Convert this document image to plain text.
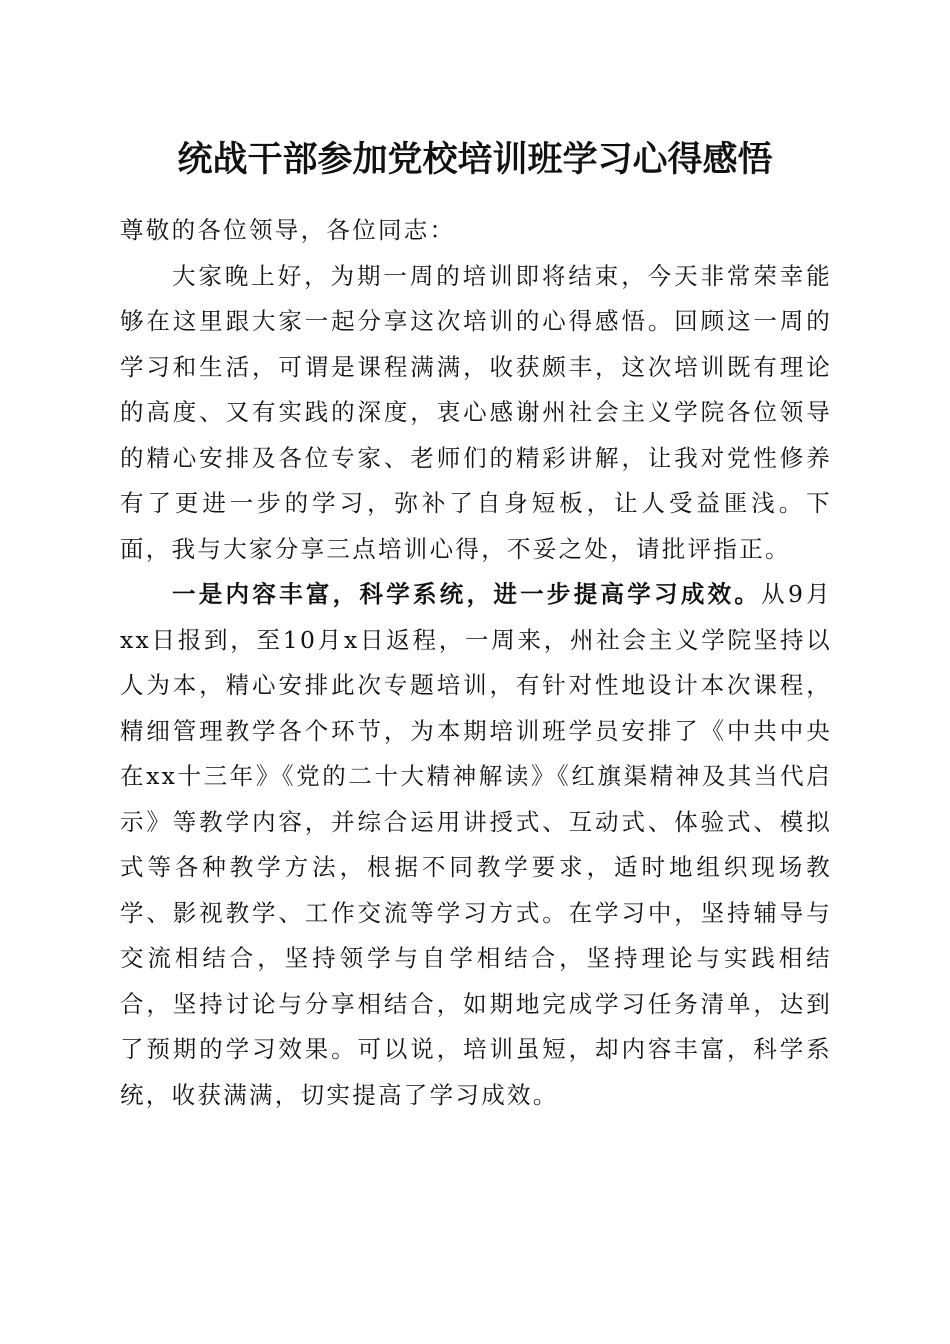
统战干部参加党校培训班学习心得感悟

尊敬的各位领导，各位同志：

大家晚上好，为期一周的培训即将结束，今天非常荣幸能够在这里跟大家一起分享这次培训的心得感悟。回顾这一周的学习和生活，可谓是课程满满，收获颇丰，这次培训既有理论的高度、又有实践的深度，衷心感谢州社会主义学院各位领导的精心安排及各位专家、老师们的精彩讲解，让我对党性修养有了更进一步的学习，弥补了自身短板，让人受益匪浅。下面，我与大家分享三点培训心得，不妥之处，请批评指正。

一是内容丰富，科学系统，进一步提高学习成效。从9月xx日报到，至10月x日返程，一周来，州社会主义学院坚持以人为本，精心安排此次专题培训，有针对性地设计本次课程，精细管理教学各个环节，为本期培训班学员安排了《中共中央在xx十三年》《党的二十大精神解读》《红旗渠精神及其当代启示》等教学内容，并综合运用讲授式、互动式、体验式、模拟式等各种教学方法，根据不同教学要求，适时地组织现场教学、影视教学、工作交流等学习方式。在学习中，坚持辅导与交流相结合，坚持领学与自学相结合，坚持理论与实践相结合，坚持讨论与分享相结合，如期地完成学习任务清单，达到了预期的学习效果。可以说，培训虽短，却内容丰富，科学系统，收获满满，切实提高了学习成效。
